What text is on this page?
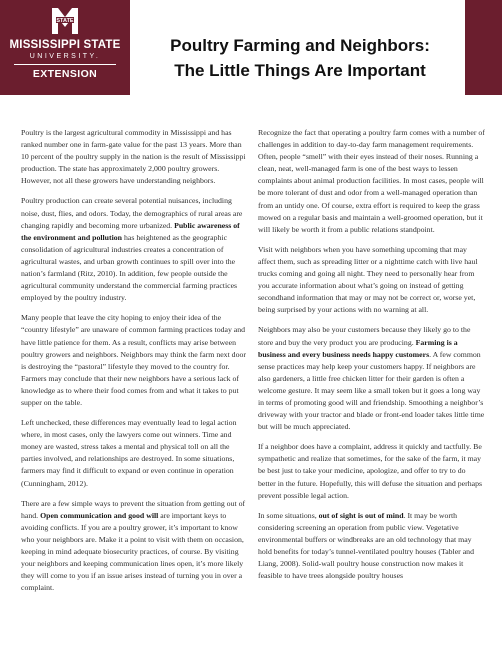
STATE
MISSISSIPPI STATE
UNIVERSITY.
EXTENSION
Poultry Farming and Neighbors:
The Little Things Are Important

Poultry is the largest agricultural commodity in Mississippi and has ranked number one in farm-gate value for the past 13 years. More than 10 percent of the poultry supply in the nation is the result of Mississippi production. The state has approximately 2,000 poultry growers. However, not all these growers have understanding neighbors.

Poultry production can create several potential nuisances, including noise, dust, flies, and odors. Today, the demographics of rural areas are changing rapidly and becoming more urbanized. Public awareness of the environment and pollution has heightened as the geographic consolidation of agricultural industries creates a concentration of agricultural wastes, and urban growth continues to spill over into the nation’s farmland (Ritz, 2010). In addition, few people outside the agricultural community understand the commercial farming practices employed by the poultry industry.

Many people that leave the city hoping to enjoy their idea of the “country lifestyle” are unaware of common farming practices today and have little patience for them. As a result, conflicts may arise between poultry growers and neighbors. Neighbors may think the farm next door is destroying the “pastoral” lifestyle they moved to the country for. Farmers may conclude that their new neighbors have a serious lack of knowledge as to where their food comes from and what it takes to put supper on the table.

Left unchecked, these differences may eventually lead to legal action where, in most cases, only the lawyers come out winners. Time and money are wasted, stress takes a mental and physical toll on all the parties involved, and relationships are destroyed. In some situations, farmers may find it difficult to expand or even continue in operation (Cunningham, 2012).

There are a few simple ways to prevent the situation from getting out of hand. Open communication and good will are important keys to avoiding conflicts. If you are a poultry grower, it’s important to know who your neighbors are. Make it a point to visit with them on occasion, keeping in mind adequate biosecurity practices, of course. By visiting your neighbors and keeping communication lines open, it’s more likely they will come to you if an issue arises instead of turning you in over a complaint.

Recognize the fact that operating a poultry farm comes with a number of challenges in addition to day-to-day farm management requirements. Often, people “smell” with their eyes instead of their noses. Running a clean, neat, well-managed farm is one of the best ways to lessen complaints about animal production facilities. In most cases, people will be more tolerant of dust and odor from a well-managed operation than from an untidy one. Of course, extra effort is required to keep the grass mowed on a regular basis and maintain a well-groomed operation, but it will likely be worth it from a public relations standpoint.

Visit with neighbors when you have something upcoming that may affect them, such as spreading litter or a nighttime catch with live haul trucks coming and going all night. They need to personally hear from you accurate information about what’s going on instead of getting secondhand information that may or may not be correct or, worse yet, being surprised by your actions with no warning at all.

Neighbors may also be your customers because they likely go to the store and buy the very product you are producing. Farming is a business and every business needs happy customers. A few common sense practices may help keep your customers happy. If neighbors are also gardeners, a little free chicken litter for their garden is often a welcome gesture. It may seem like a small token but it goes a long way in terms of promoting good will and friendship. Smoothing a neighbor’s driveway with your tractor and blade or front-end loader takes little time but will be much appreciated.

If a neighbor does have a complaint, address it quickly and tactfully. Be sympathetic and realize that sometimes, for the sake of the farm, it may be best just to take your medicine, apologize, and offer to try to do better in the future. Hopefully, this will defuse the situation and perhaps prevent possible legal action.

In some situations, out of sight is out of mind. It may be worth considering screening an operation from public view. Vegetative environmental buffers or windbreaks are an old technology that may hold benefits for today’s tunnel-ventilated poultry houses (Tabler and Liang, 2008). Solid-wall poultry house construction now makes it feasible to have trees alongside poultry houses
